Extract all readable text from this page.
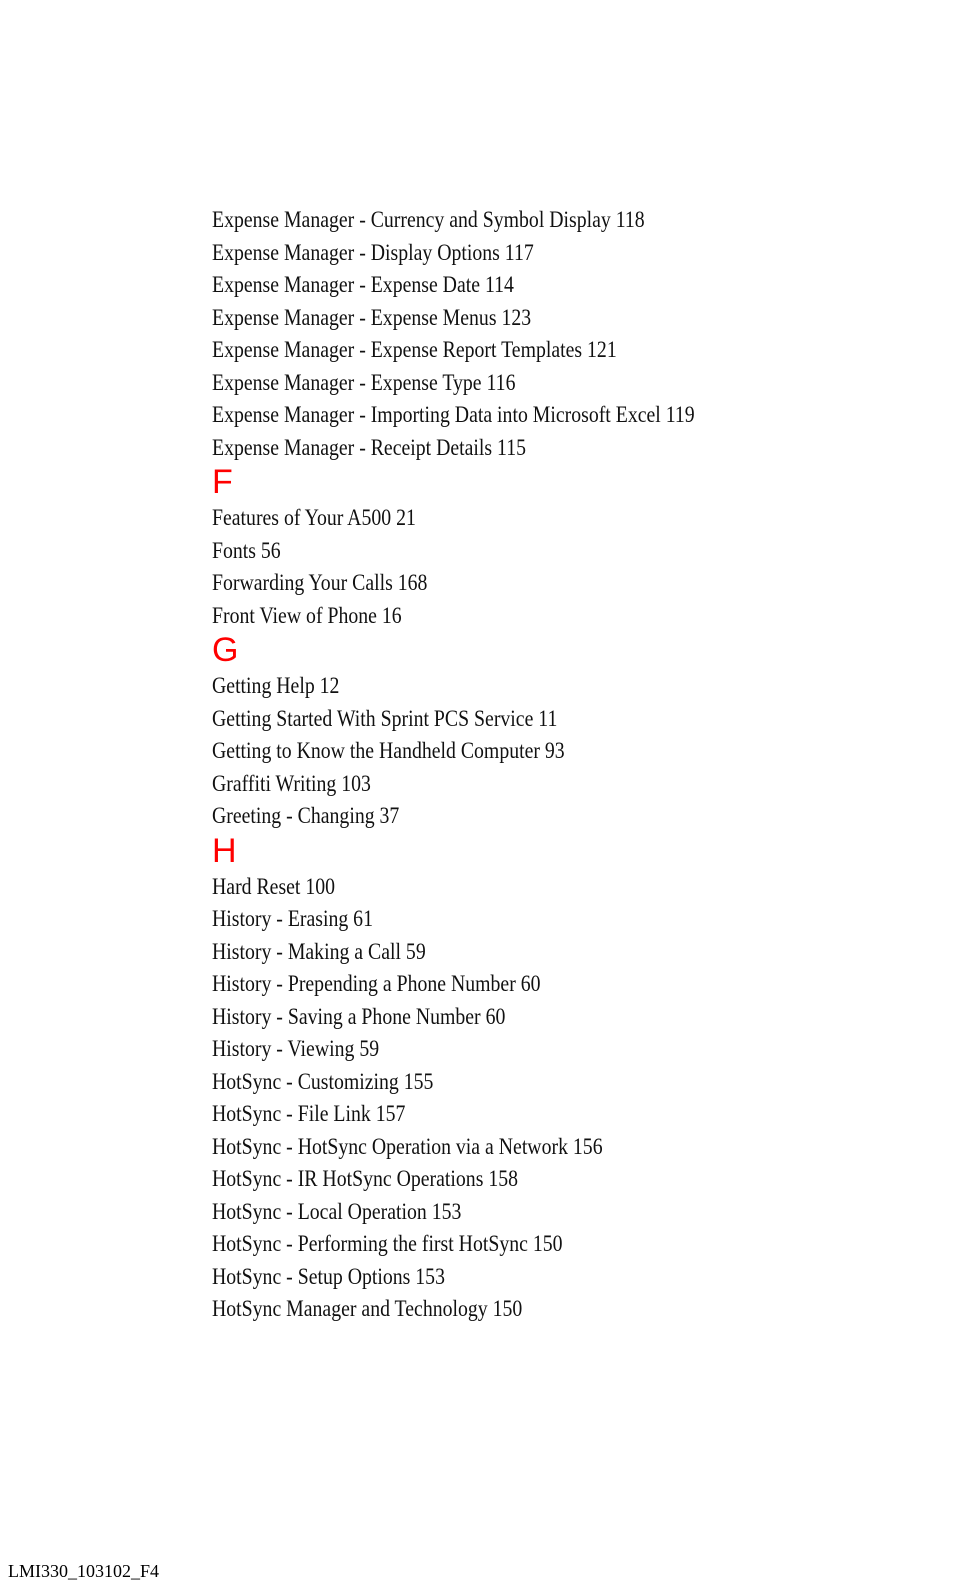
Expense Manager - Currency and Symbol Display 118
Expense Manager - Display Options 117
Expense Manager - Expense Date 114
Expense Manager - Expense Menus 123
Expense Manager - Expense Report Templates 121
Expense Manager - Expense Type 116
Expense Manager - Importing Data into Microsoft Excel 119
Expense Manager - Receipt Details 115
F
Features of Your A500 21
Fonts 56
Forwarding Your Calls 168
Front View of Phone 16
G
Getting Help 12
Getting Started With Sprint PCS Service 11
Getting to Know the Handheld Computer 93
Graffiti Writing 103
Greeting - Changing 37
H
Hard Reset 100
History - Erasing 61
History - Making a Call 59
History - Prepending a Phone Number 60
History - Saving a Phone Number 60
History - Viewing 59
HotSync - Customizing 155
HotSync - File Link 157
HotSync - HotSync Operation via a Network 156
HotSync - IR HotSync Operations 158
HotSync - Local Operation 153
HotSync - Performing the first HotSync 150
HotSync - Setup Options 153
HotSync Manager and Technology 150
LMI330_103102_F4
